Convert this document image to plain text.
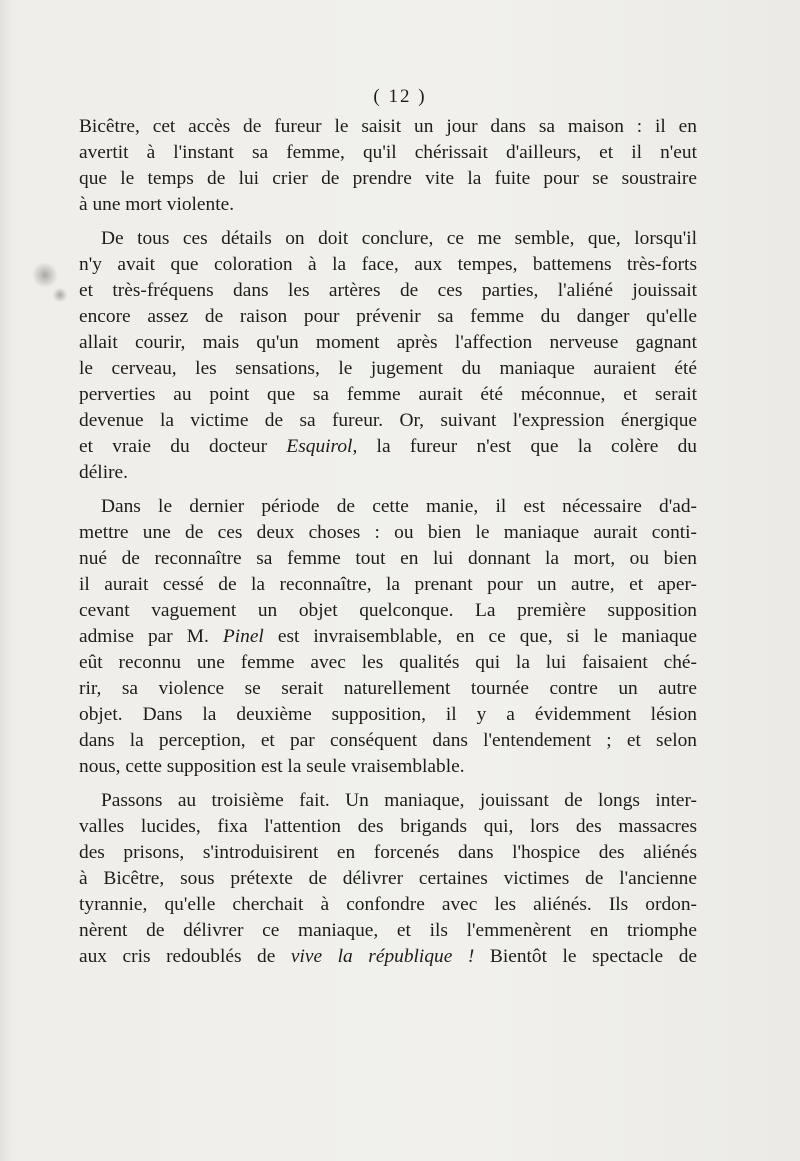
( 12 )
Bicêtre, cet accès de fureur le saisit un jour dans sa maison : il en
avertit à l'instant sa femme, qu'il chérissait d'ailleurs, et il n'eut
que le temps de lui crier de prendre vite la fuite pour se soustraire
à une mort violente.
De tous ces détails on doit conclure, ce me semble, que, lorsqu'il
n'y avait que coloration à la face, aux tempes, battemens très-forts
et très-fréquens dans les artères de ces parties, l'aliéné jouissait
encore assez de raison pour prévenir sa femme du danger qu'elle
allait courir, mais qu'un moment après l'affection nerveuse gagnant
le cerveau, les sensations, le jugement du maniaque auraient été
perverties au point que sa femme aurait été méconnue, et serait
devenue la victime de sa fureur. Or, suivant l'expression énergique
et vraie du docteur Esquirol, la fureur n'est que la colère du
délire.
Dans le dernier période de cette manie, il est nécessaire d'ad-
mettre une de ces deux choses : ou bien le maniaque aurait conti-
nué de reconnaître sa femme tout en lui donnant la mort, ou bien
il aurait cessé de la reconnaître, la prenant pour un autre, et aper-
cevant vaguement un objet quelconque. La première supposition
admise par M. Pinel est invraisemblable, en ce que, si le maniaque
eût reconnu une femme avec les qualités qui la lui faisaient ché-
rir, sa violence se serait naturellement tournée contre un autre
objet. Dans la deuxième supposition, il y a évidemment lésion
dans la perception, et par conséquent dans l'entendement ; et selon
nous, cette supposition est la seule vraisemblable.
Passons au troisième fait. Un maniaque, jouissant de longs inter-
valles lucides, fixa l'attention des brigands qui, lors des massacres
des prisons, s'introduisirent en forcenés dans l'hospice des aliénés
à Bicêtre, sous prétexte de délivrer certaines victimes de l'ancienne
tyrannie, qu'elle cherchait à confondre avec les aliénés. Ils ordon-
nèrent de délivrer ce maniaque, et ils l'emmenèrent en triomphe
aux cris redoublés de vive la république ! Bientôt le spectacle de
